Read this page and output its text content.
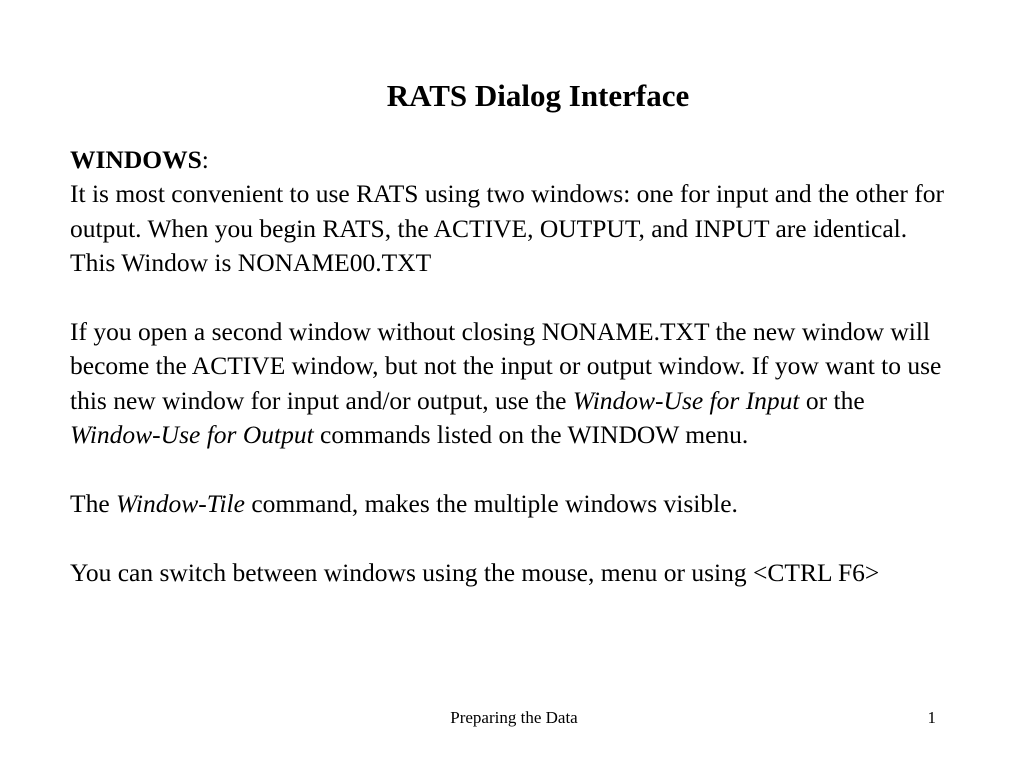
RATS Dialog Interface
WINDOWS:

It is most convenient to use RATS using two windows: one for input and the other for output. When you begin RATS, the ACTIVE, OUTPUT, and INPUT are identical. This Window is NONAME00.TXT

If you open a second window without closing NONAME.TXT the new window will become the ACTIVE window, but not the input or output window. If yow want to use this new window for input and/or output, use the Window-Use for Input or the Window-Use for Output commands listed on the WINDOW menu.

The Window-Tile command, makes the multiple windows visible.

You can switch between windows using the mouse, menu or using <CTRL F6>

Preparing the Data	1
